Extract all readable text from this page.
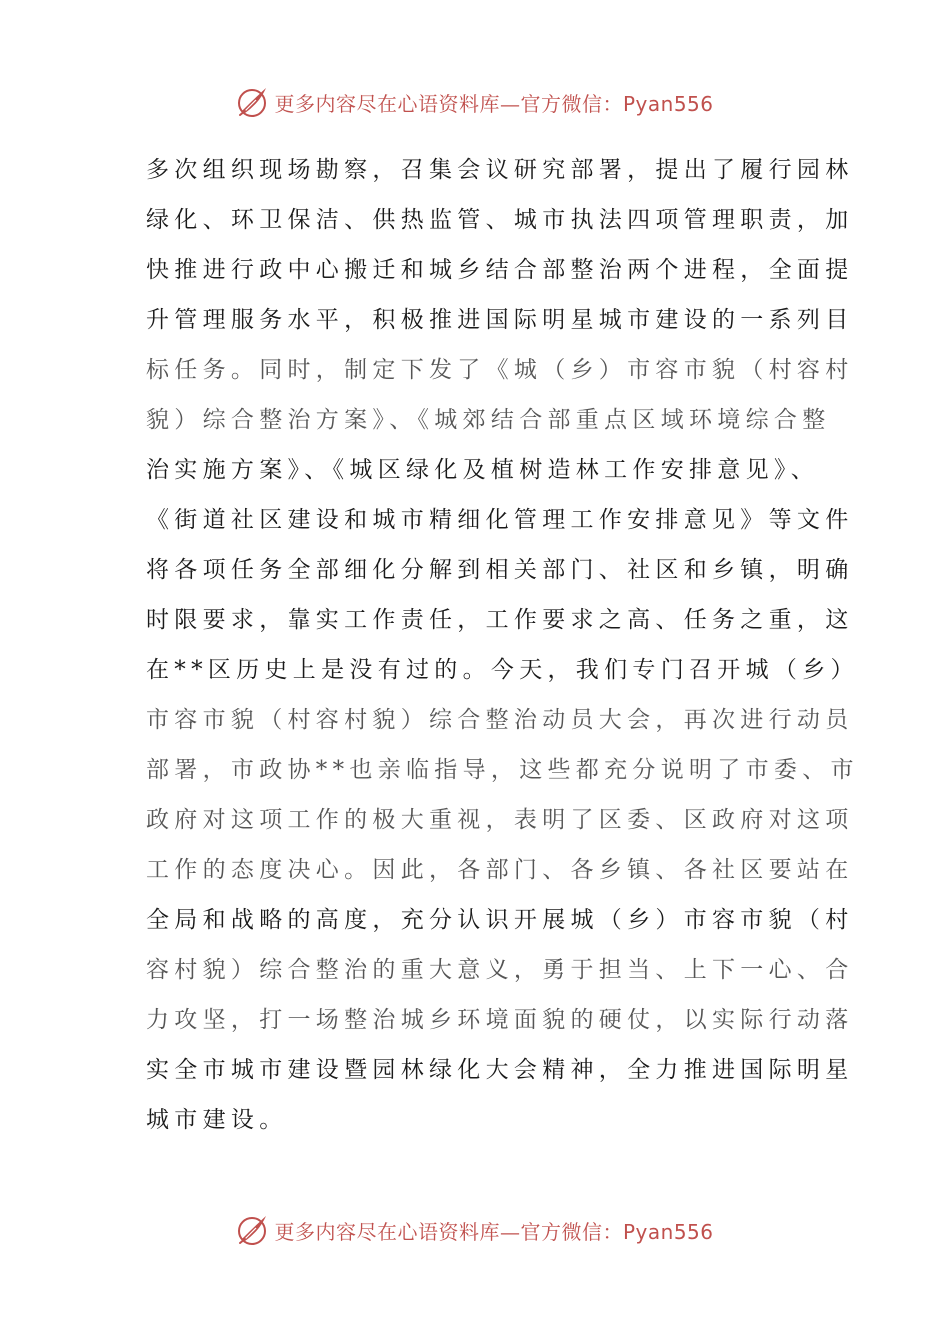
更多内容尽在心语资料库—官方微信：Pyan556
多次组织现场勘察，召集会议研究部署，提出了履行园林
绿化、环卫保洁、供热监管、城市执法四项管理职责，加
快推进行政中心搬迁和城乡结合部整治两个进程，全面提
升管理服务水平，积极推进国际明星城市建设的一系列目
标任务。同时，制定下发了《城（乡）市容市貌（村容村
貌）综合整治方案》、《城郊结合部重点区域环境综合整
治实施方案》、《城区绿化及植树造林工作安排意见》、
《街道社区建设和城市精细化管理工作安排意见》等文件
将各项任务全部细化分解到相关部门、社区和乡镇，明确
时限要求，靠实工作责任，工作要求之高、任务之重，这
在**区历史上是没有过的。今天，我们专门召开城（乡）
市容市貌（村容村貌）综合整治动员大会，再次进行动员
部署，市政协**也亲临指导，这些都充分说明了市委、市
政府对这项工作的极大重视，表明了区委、区政府对这项
工作的态度决心。因此，各部门、各乡镇、各社区要站在
全局和战略的高度，充分认识开展城（乡）市容市貌（村
容村貌）综合整治的重大意义，勇于担当、上下一心、合
力攻坚，打一场整治城乡环境面貌的硬仗，以实际行动落
实全市城市建设暨园林绿化大会精神，全力推进国际明星
城市建设。
更多内容尽在心语资料库—官方微信：Pyan556
